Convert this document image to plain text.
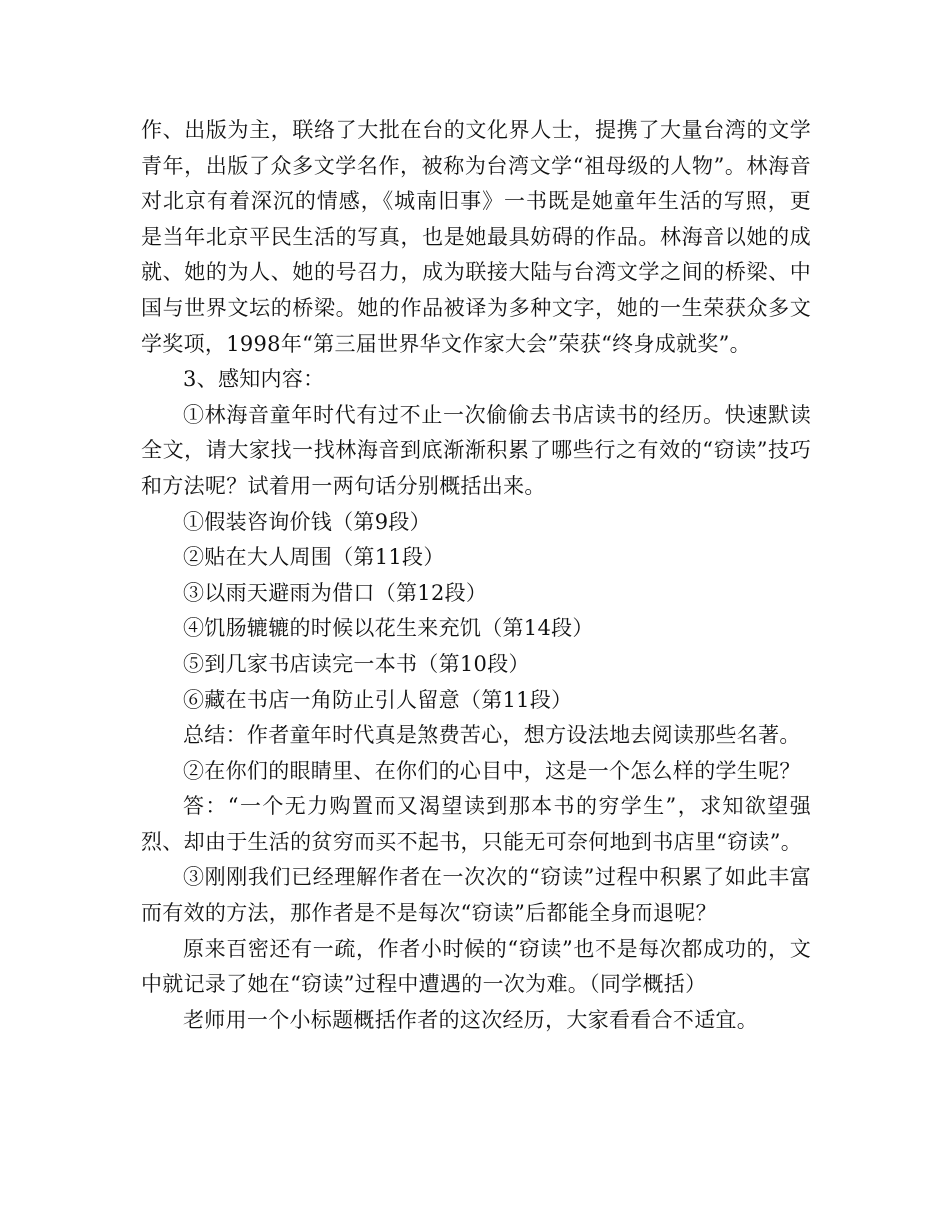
作、出版为主，联络了大批在台的文化界人士，提携了大量台湾的文学青年，出版了众多文学名作，被称为台湾文学“祖母级的人物”。林海音对北京有着深沉的情感，《城南旧事》一书既是她童年生活的写照，更是当年北京平民生活的写真，也是她最具妨碍的作品。林海音以她的成就、她的为人、她的号召力，成为联接大陆与台湾文学之间的桥梁、中国与世界文坛的桥梁。她的作品被译为多种文字，她的一生荣获众多文学奖项，1998年“第三届世界华文作家大会”荣获“终身成就奖”。

3、感知内容：

①林海音童年时代有过不止一次偷偷去书店读书的经历。快速默读全文，请大家找一找林海音到底渐渐积累了哪些行之有效的“窃读”技巧和方法呢？试着用一两句话分别概括出来。

①假装咨询价钱（第9段）

②贴在大人周围（第11段）

③以雨天避雨为借口（第12段）

④饥肠辘辘的时候以花生来充饥（第14段）

⑤到几家书店读完一本书（第10段）

⑥藏在书店一角防止引人留意（第11段）

总结：作者童年时代真是煞费苦心，想方设法地去阅读那些名著。

②在你们的眼睛里、在你们的心目中，这是一个怎么样的学生呢？

答：“一个无力购置而又渴望读到那本书的穷学生”，求知欲望强烈、却由于生活的贫穷而买不起书，只能无可奈何地到书店里“窃读”。

③刚刚我们已经理解作者在一次次的“窃读”过程中积累了如此丰富而有效的方法，那作者是不是每次“窃读”后都能全身而退呢？

原来百密还有一疏，作者小时候的“窃读”也不是每次都成功的，文中就记录了她在“窃读”过程中遭遇的一次为难。（同学概括）

老师用一个小标题概括作者的这次经历，大家看看合不适宜。
